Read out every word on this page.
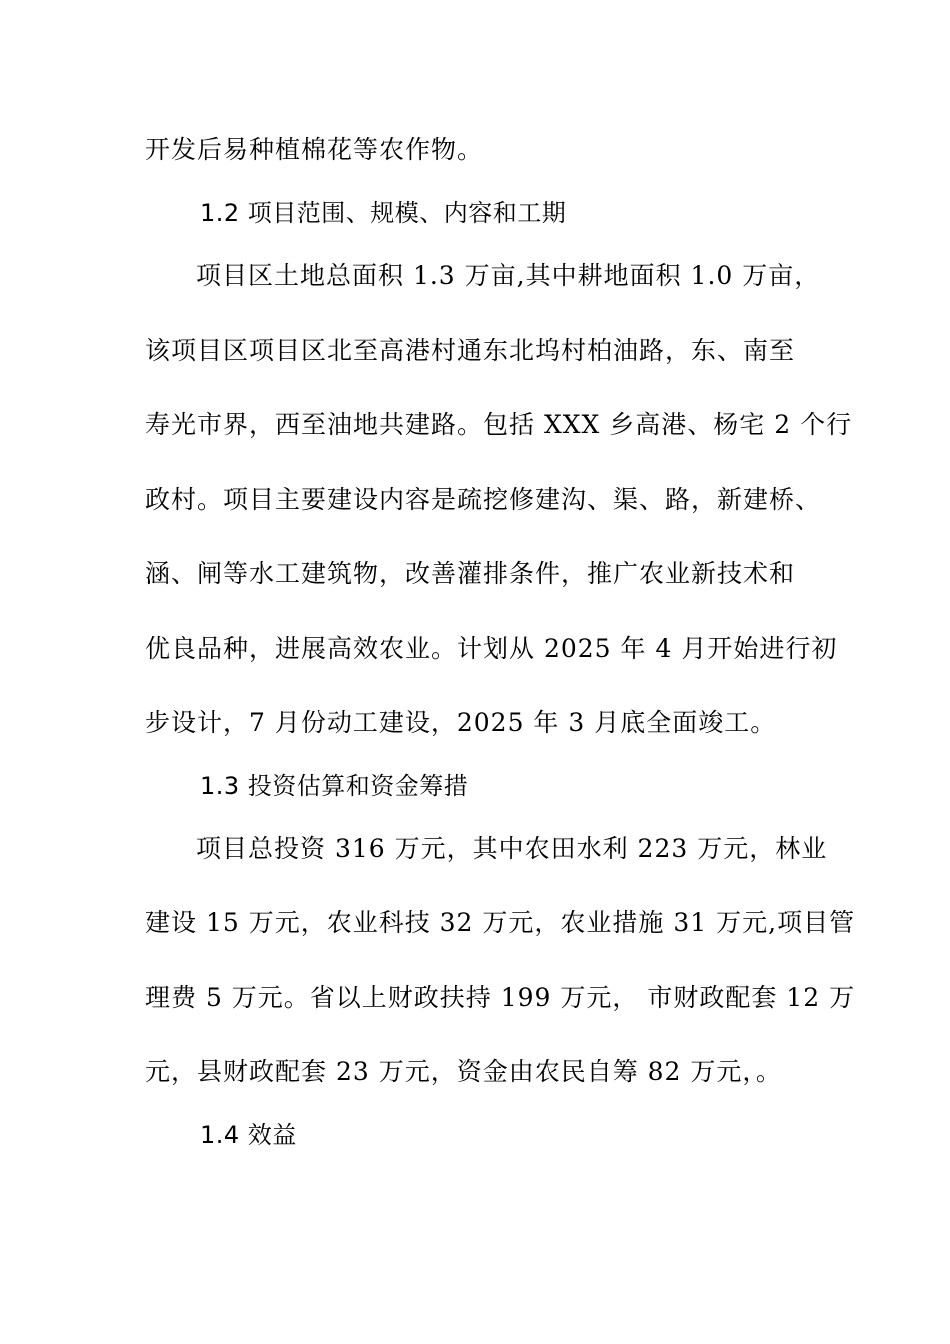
开发后易种植棉花等农作物。
1.2 项目范围、规模、内容和工期
项目区土地总面积 1.3 万亩,其中耕地面积 1.0 万亩，
该项目区项目区北至高港村通东北坞村柏油路，东、南至
寿光市界，西至油地共建路。包括 XXX 乡高港、杨宅 2 个行
政村。项目主要建设内容是疏挖修建沟、渠、路，新建桥、
涵、闸等水工建筑物，改善灌排条件，推广农业新技术和
优良品种，进展高效农业。计划从 2025 年 4 月开始进行初
步设计，7 月份动工建设，2025 年 3 月底全面竣工。
1.3 投资估算和资金筹措
项目总投资 316 万元，其中农田水利 223 万元，林业
建设 15 万元，农业科技 32 万元，农业措施 31 万元,项目管
理费 5 万元。省以上财政扶持 199 万元， 市财政配套 12 万
元，县财政配套 23 万元，资金由农民自筹 82 万元，。
1.4 效益
